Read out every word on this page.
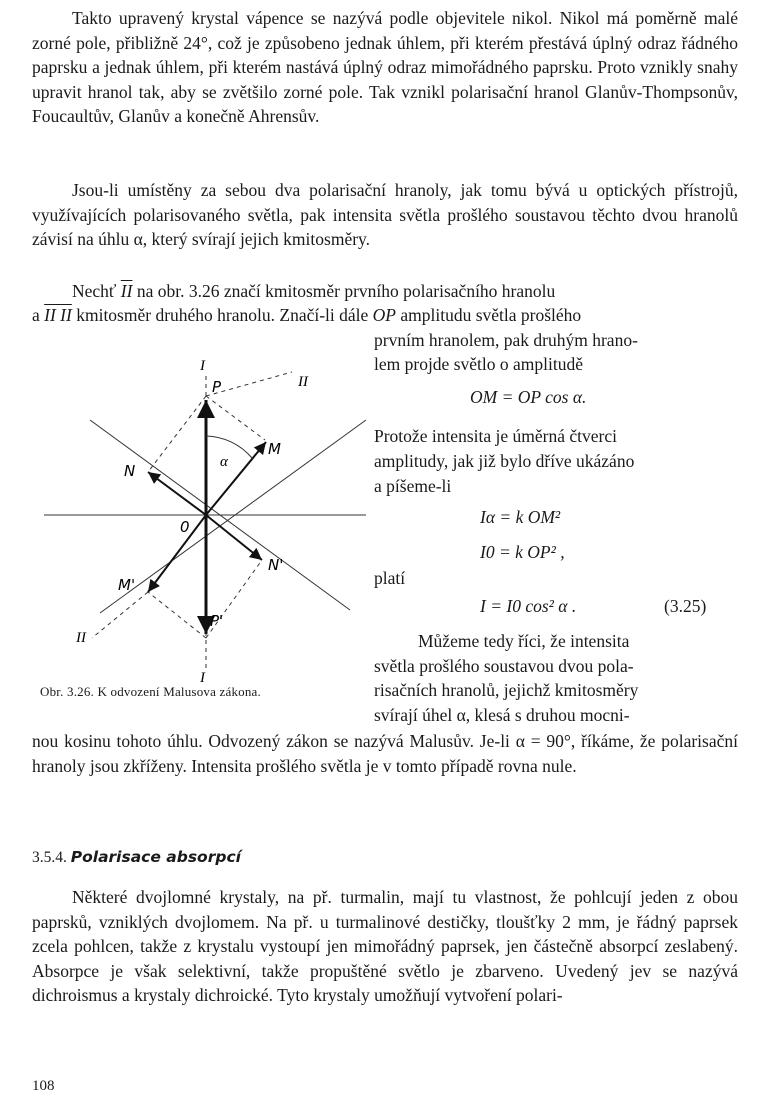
Takto upravený krystal vápence se nazývá podle objevitele nikol. Nikol má poměrně malé zorné pole, přibližně 24°, což je způsobeno jednak úhlem, při kterém přestává úplný odraz řádného paprsku a jednak úhlem, při kterém nastává úplný odraz mimořádného paprsku. Proto vznikly snahy upravit hranol tak, aby se zvětšilo zorné pole. Tak vznikl polarisační hranol Glanův-Thompsonův, Foucaultův, Glanův a konečně Ahrensův.

Jsou-li umístěny za sebou dva polarisační hranoly, jak tomu bývá u optických přístrojů, využívajících polarisovaného světla, pak intensita světla prošlého soustavou těchto dvou hranolů závisí na úhlu α, který svírají jejich kmitosměry.

Nechť $\overline{II}$ na obr. 3.26 značí kmitosměr prvního polarisačního hranolu
a II II kmitosměr druhého hranolu. Značí-li dále OP amplitudu světla prošlého
prvním hranolem, pak druhým hrano-
lem projde světlo o amplitudě
OM = OP cos α.
Protože intensita je úměrná čtverci
amplitudy, jak již bylo dříve ukázáno
a píšeme-li
Iα = k OM²
I0 = k OP² ,
platí
I = I0 cos² α .	(3.25)
Můžeme tedy říci, že intensita
světla prošlého soustavou dvou pola-
risačních hranolů, jejichž kmitosměry
svírají úhel α, klesá s druhou mocni-

nou kosinu tohoto úhlu. Odvozený zákon se nazývá Malusův. Je-li α = 90°, říkáme, že polarisační hranoly jsou zkříženy. Intensita prošlého světla je v tomto případě rovna nule.

I
I
II
II
P
P'
M
M'
N
N'
0
α
Obr. 3.26. K odvození Malusova zákona.
3.5.4. Polarisace absorpcí

Některé dvojlomné krystaly, na př. turmalin, mají tu vlastnost, že pohlcují jeden z obou paprsků, vzniklých dvojlomem. Na př. u turmalinové destičky, tloušťky 2 mm, je řádný paprsek zcela pohlcen, takže z krystalu vystoupí jen mimořádný paprsek, jen částečně absorpcí zeslabený. Absorpce je však selektivní, takže propuštěné světlo je zbarveno. Uvedený jev se nazývá dichroismus a krystaly dichroické. Tyto krystaly umožňují vytvoření polari-

108
